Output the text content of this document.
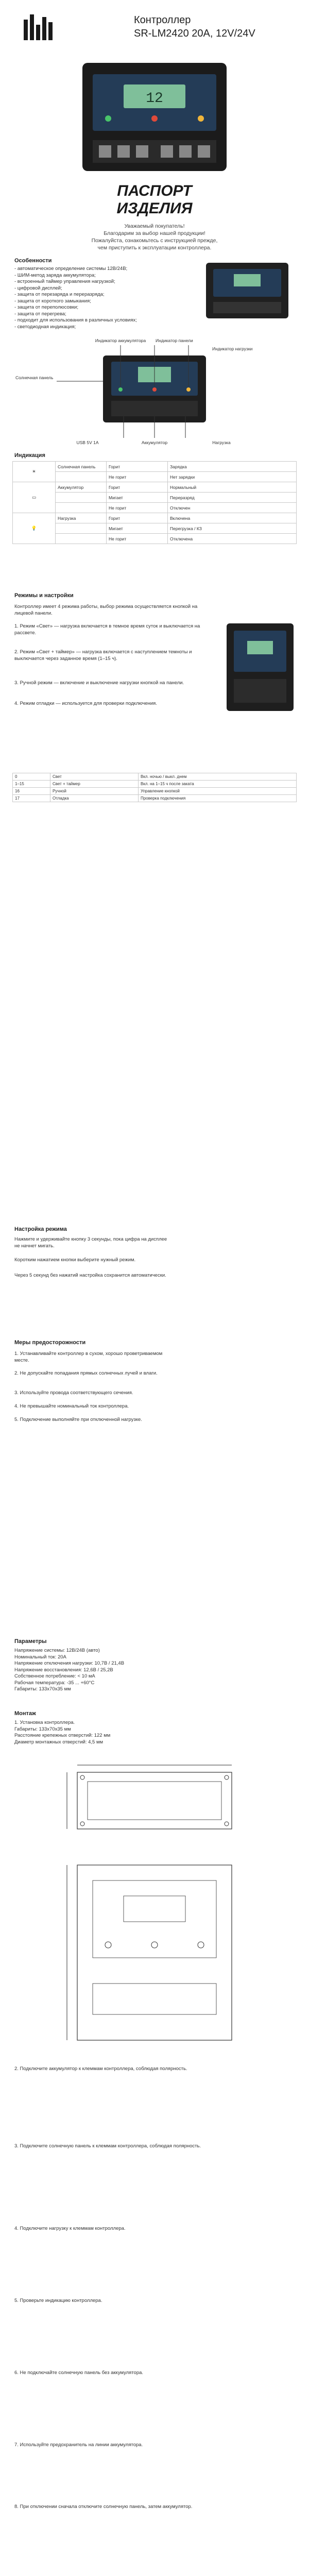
Контроллер
SR-LM2420 20A, 12V/24V
12
ПАСПОРТ
ИЗДЕЛИЯ
Уважаемый покупатель!
Благодарим за выбор нашей продукции!
Пожалуйста, ознакомьтесь с инструкцией прежде,
чем приступить к эксплуатации контроллера.
Особенности
- автоматическое определение системы 12В/24В;
- ШИМ-метод заряда аккумулятора;
- встроенный таймер управления нагрузкой;
- цифровой дисплей;
- защита от перезаряда и переразряда;
- защита от короткого замыкания;
- защита от переполюсовки;
- защита от перегрева;
- подходит для использования в различных условиях;
- светодиодная индикация;
Индикатор аккумулятора Индикатор панели
Индикатор нагрузки
Солнечная панель
USB 5V 1A	Аккумулятор	Нагрузка
Индикация
☀	Солнечная панель	Горит	Зарядка
		Не горит	Нет зарядки
▭	Аккумулятор	Горит	Нормальный
		Мигает	Переразряд
		Не горит	Отключен
💡	Нагрузка	Горит	Включена
		Мигает	Перегрузка / КЗ
		Не горит	Отключена
Режимы и настройки
Контроллер имеет 4 режима работы, выбор режима осуществляется кнопкой на лицевой панели.
1. Режим «Свет» — нагрузка включается в темное время суток и выключается на рассвете.
2. Режим «Свет + таймер» — нагрузка включается с наступлением темноты и выключается через заданное время (1–15 ч).
3. Ручной режим — включение и выключение нагрузки кнопкой на панели.
4. Режим отладки — используется для проверки подключения.
0	Свет	Вкл. ночью / выкл. днем
1–15	Свет + таймер	Вкл. на 1–15 ч после заката
16	Ручной	Управление кнопкой
17	Отладка	Проверка подключения
Настройка режима
Нажмите и удерживайте кнопку 3 секунды, пока цифра на дисплее не начнет мигать.
Коротким нажатием кнопки выберите нужный режим.
Через 5 секунд без нажатий настройка сохранится автоматически.
Меры предосторожности
1. Устанавливайте контроллер в сухом, хорошо проветриваемом месте.
2. Не допускайте попадания прямых солнечных лучей и влаги.
3. Используйте провода соответствующего сечения.
4. Не превышайте номинальный ток контроллера.
5. Подключение выполняйте при отключенной нагрузке.
Параметры
Напряжение системы: 12В/24В (авто)
Номинальный ток: 20А
Напряжение отключения нагрузки: 10,7В / 21,4В
Напряжение восстановления: 12,6В / 25,2В
Собственное потребление: < 10 мА
Рабочая температура: -35 ... +60°С
Габариты: 133x70x35 мм
Монтаж
1. Установка контроллера.
Габариты: 133x70x35 мм
Расстояние крепежных отверстий: 122 мм
Диаметр монтажных отверстий: 4,5 мм
2. Подключите аккумулятор к клеммам контроллера, соблюдая полярность.
3. Подключите солнечную панель к клеммам контроллера, соблюдая полярность.
4. Подключите нагрузку к клеммам контроллера.
5. Проверьте индикацию контроллера.
6. Не подключайте солнечную панель без аккумулятора.
7. Используйте предохранитель на линии аккумулятора.
8. При отключении сначала отключите солнечную панель, затем аккумулятор.
